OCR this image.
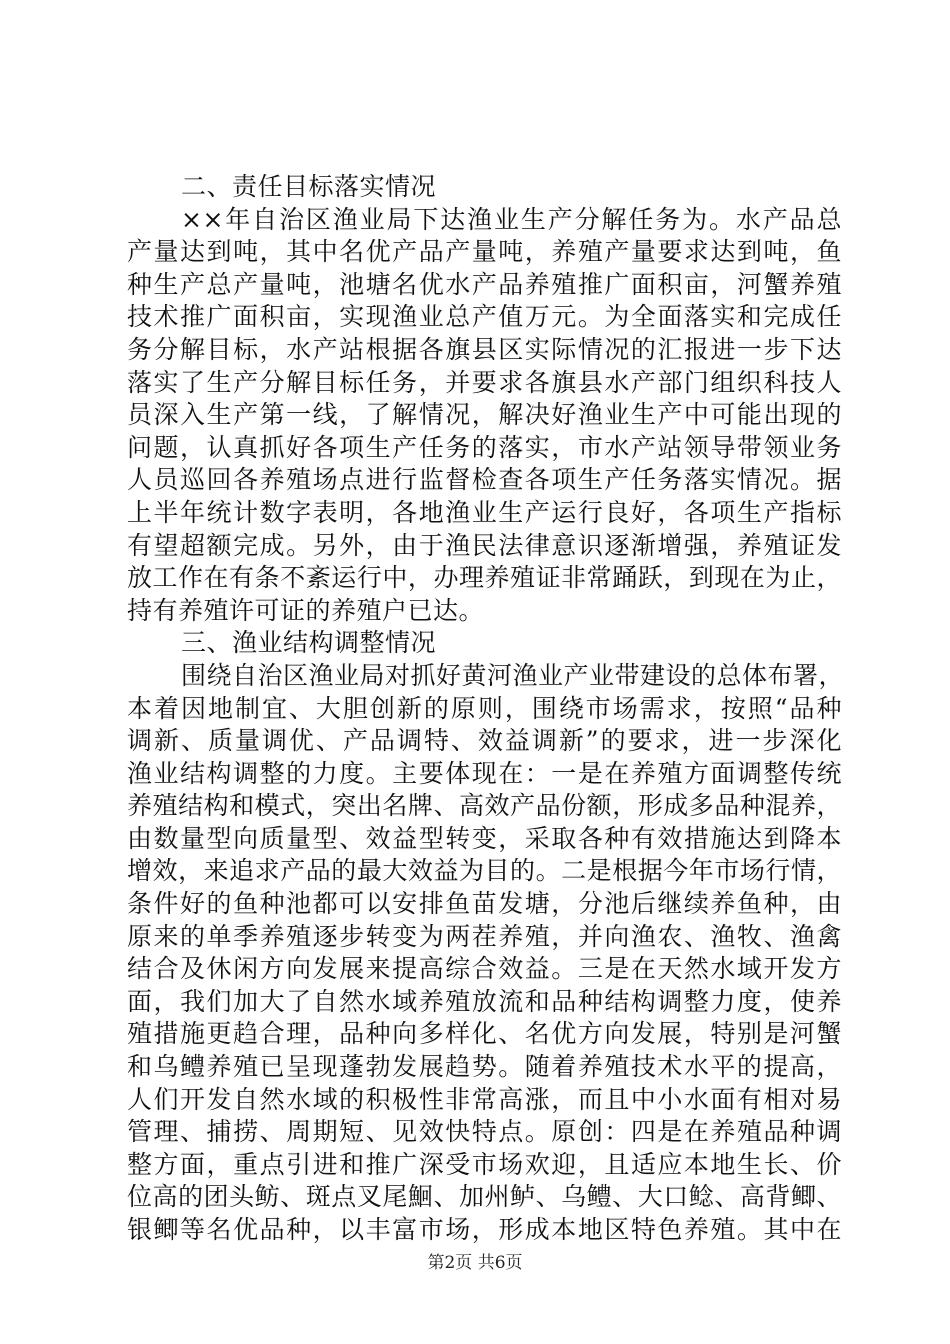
二、责任目标落实情况
××年自治区渔业局下达渔业生产分解任务为。水产品总
产量达到吨，其中名优产品产量吨，养殖产量要求达到吨，鱼
种生产总产量吨，池塘名优水产品养殖推广面积亩，河蟹养殖
技术推广面积亩，实现渔业总产值万元。为全面落实和完成任
务分解目标，水产站根据各旗县区实际情况的汇报进一步下达
落实了生产分解目标任务，并要求各旗县水产部门组织科技人
员深入生产第一线，了解情况，解决好渔业生产中可能出现的
问题，认真抓好各项生产任务的落实，市水产站领导带领业务
人员巡回各养殖场点进行监督检查各项生产任务落实情况。据
上半年统计数字表明，各地渔业生产运行良好，各项生产指标
有望超额完成。另外，由于渔民法律意识逐渐增强，养殖证发
放工作在有条不紊运行中，办理养殖证非常踊跃，到现在为止，
持有养殖许可证的养殖户已达。
三、渔业结构调整情况
围绕自治区渔业局对抓好黄河渔业产业带建设的总体布署，
本着因地制宜、大胆创新的原则，围绕市场需求，按照“品种
调新、质量调优、产品调特、效益调新”的要求，进一步深化
渔业结构调整的力度。主要体现在：一是在养殖方面调整传统
养殖结构和模式，突出名牌、高效产品份额，形成多品种混养，
由数量型向质量型、效益型转变，采取各种有效措施达到降本
增效，来追求产品的最大效益为目的。二是根据今年市场行情，
条件好的鱼种池都可以安排鱼苗发塘，分池后继续养鱼种，由
原来的单季养殖逐步转变为两茬养殖，并向渔农、渔牧、渔禽
结合及休闲方向发展来提高综合效益。三是在天然水域开发方
面，我们加大了自然水域养殖放流和品种结构调整力度，使养
殖措施更趋合理，品种向多样化、名优方向发展，特别是河蟹
和乌鳢养殖已呈现蓬勃发展趋势。随着养殖技术水平的提高，
人们开发自然水域的积极性非常高涨，而且中小水面有相对易
管理、捕捞、周期短、见效快特点。原创：四是在养殖品种调
整方面，重点引进和推广深受市场欢迎，且适应本地生长、价
位高的团头鲂、斑点叉尾鮰、加州鲈、乌鳢、大口鲶、高背鲫、
银鲫等名优品种，以丰富市场，形成本地区特色养殖。其中在
第2页 共6页
